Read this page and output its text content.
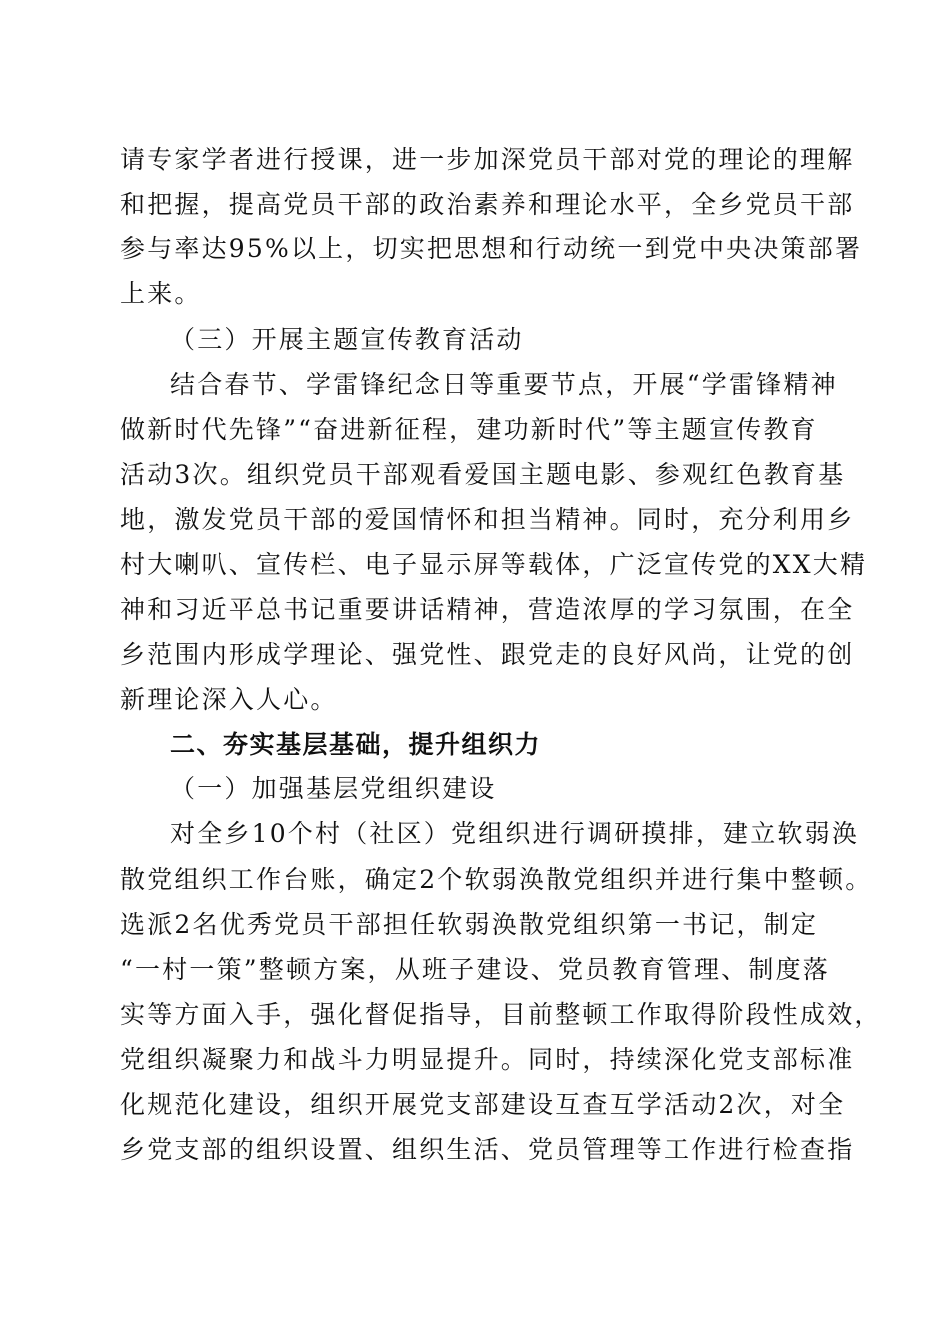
请专家学者进行授课，进一步加深党员干部对党的理论的理解
和把握，提高党员干部的政治素养和理论水平，全乡党员干部
参与率达95%以上，切实把思想和行动统一到党中央决策部署
上来。
（三）开展主题宣传教育活动
结合春节、学雷锋纪念日等重要节点，开展“学雷锋精神
做新时代先锋”“奋进新征程，建功新时代”等主题宣传教育
活动3次。组织党员干部观看爱国主题电影、参观红色教育基
地，激发党员干部的爱国情怀和担当精神。同时，充分利用乡
村大喇叭、宣传栏、电子显示屏等载体，广泛宣传党的XX大精
神和习近平总书记重要讲话精神，营造浓厚的学习氛围，在全
乡范围内形成学理论、强党性、跟党走的良好风尚，让党的创
新理论深入人心。
二、夯实基层基础，提升组织力
（一）加强基层党组织建设
对全乡10个村（社区）党组织进行调研摸排，建立软弱涣
散党组织工作台账，确定2个软弱涣散党组织并进行集中整顿。
选派2名优秀党员干部担任软弱涣散党组织第一书记，制定
“一村一策”整顿方案，从班子建设、党员教育管理、制度落
实等方面入手，强化督促指导，目前整顿工作取得阶段性成效，
党组织凝聚力和战斗力明显提升。同时，持续深化党支部标准
化规范化建设，组织开展党支部建设互查互学活动2次，对全
乡党支部的组织设置、组织生活、党员管理等工作进行检查指
